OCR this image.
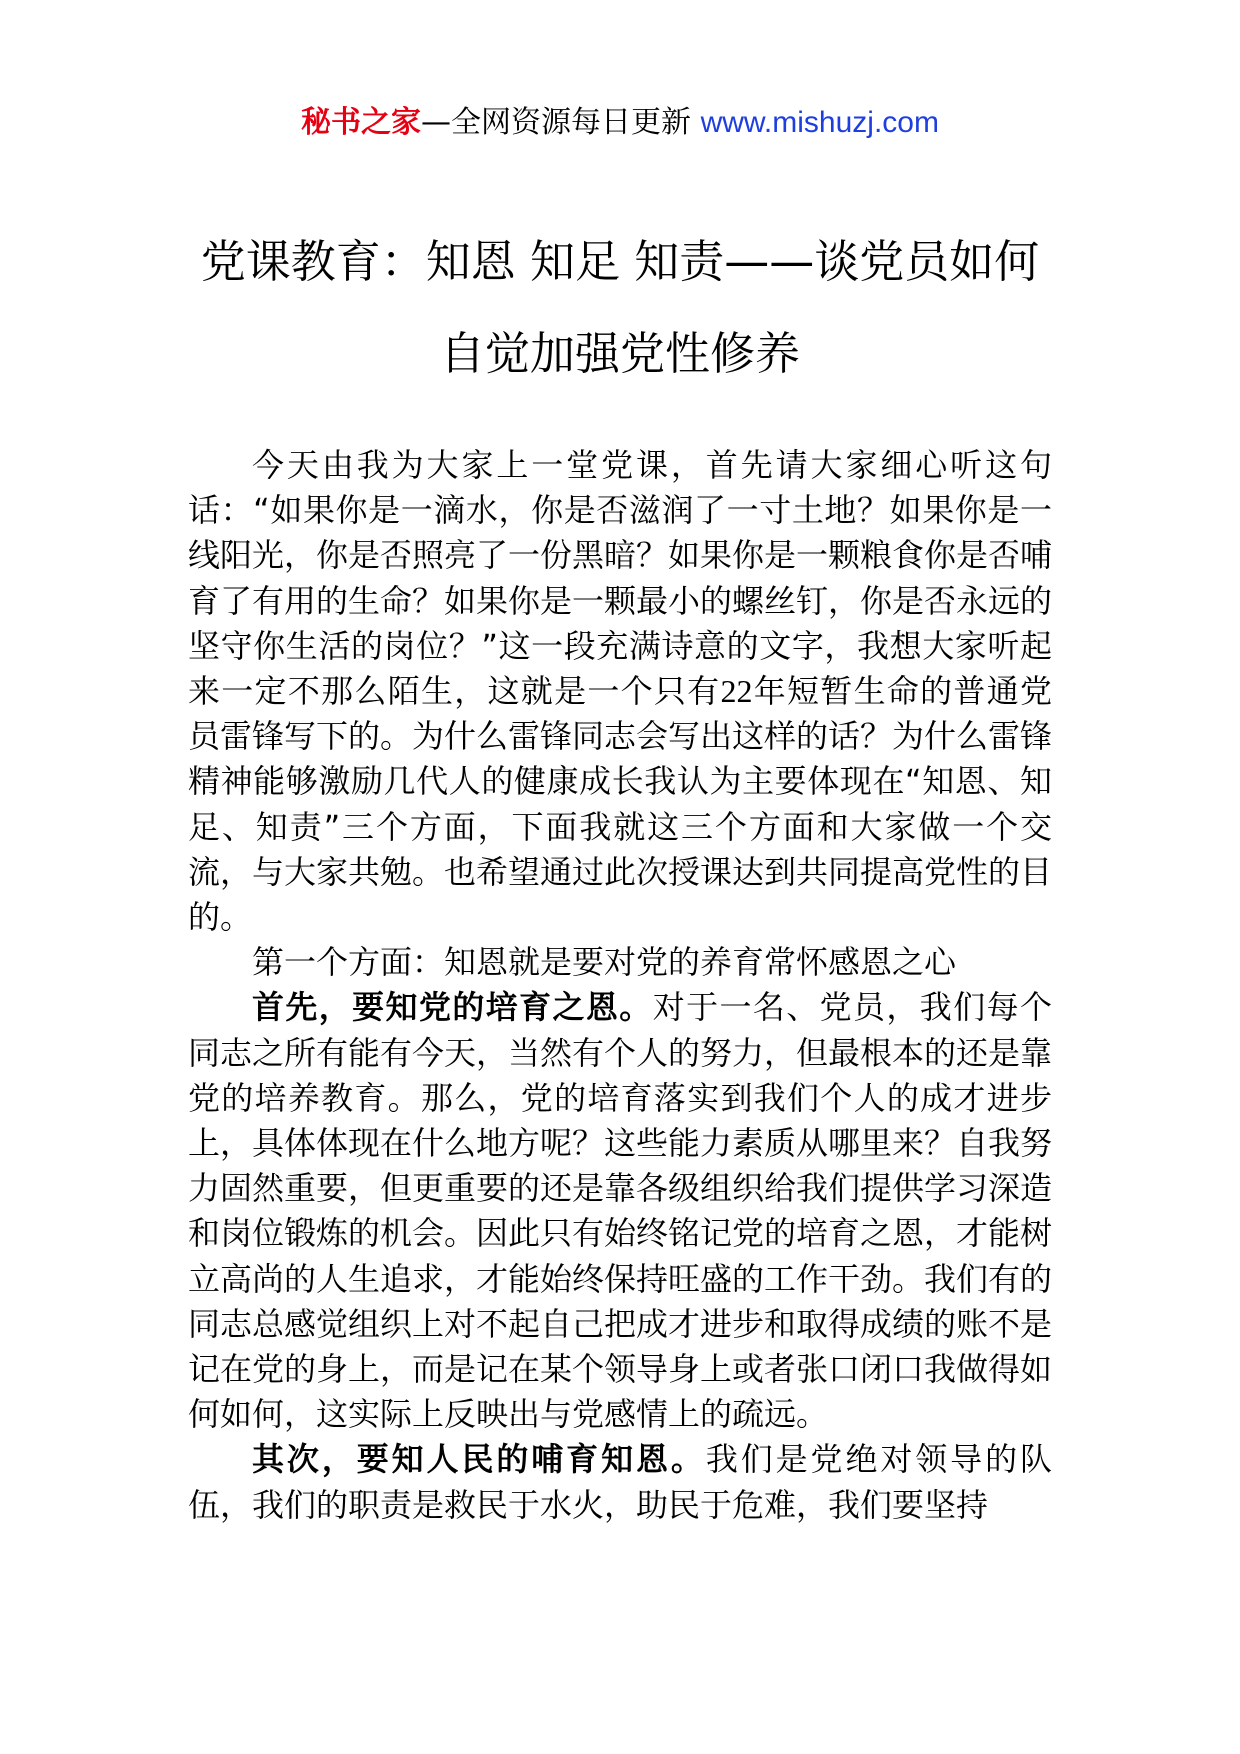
秘书之家—全网资源每日更新 www.mishuzj.com
党课教育：知恩 知足 知责——谈党员如何
自觉加强党性修养

今天由我为大家上一堂党课，首先请大家细心听这句话：“如果你是一滴水，你是否滋润了一寸土地？如果你是一线阳光，你是否照亮了一份黑暗？如果你是一颗粮食你是否哺育了有用的生命？如果你是一颗最小的螺丝钉，你是否永远的坚守你生活的岗位？”这一段充满诗意的文字，我想大家听起来一定不那么陌生，这就是一个只有22年短暂生命的普通党员雷锋写下的。为什么雷锋同志会写出这样的话？为什么雷锋精神能够激励几代人的健康成长我认为主要体现在“知恩、知足、知责”三个方面，下面我就这三个方面和大家做一个交流，与大家共勉。也希望通过此次授课达到共同提高党性的目的。

第一个方面：知恩就是要对党的养育常怀感恩之心

首先，要知党的培育之恩。对于一名、党员，我们每个同志之所有能有今天，当然有个人的努力，但最根本的还是靠党的培养教育。那么，党的培育落实到我们个人的成才进步上，具体体现在什么地方呢？这些能力素质从哪里来？自我努力固然重要，但更重要的还是靠各级组织给我们提供学习深造和岗位锻炼的机会。因此只有始终铭记党的培育之恩，才能树立高尚的人生追求，才能始终保持旺盛的工作干劲。我们有的同志总感觉组织上对不起自己把成才进步和取得成绩的账不是记在党的身上，而是记在某个领导身上或者张口闭口我做得如何如何，这实际上反映出与党感情上的疏远。

其次，要知人民的哺育知恩。我们是党绝对领导的队伍，我们的职责是救民于水火，助民于危难，我们要坚持
